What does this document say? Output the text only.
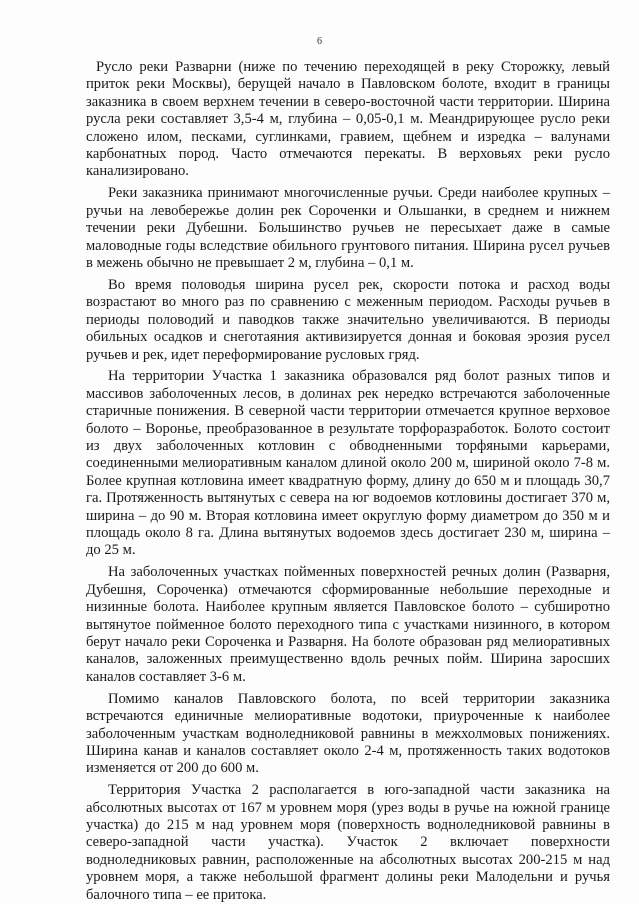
6

Русло реки Разварни (ниже по течению переходящей в реку Сторожку, левый приток реки Москвы), берущей начало в Павловском болоте, входит в границы заказника в своем верхнем течении в северо-восточной части территории. Ширина русла реки составляет 3,5-4 м, глубина – 0,05-0,1 м. Меандрирующее русло реки сложено илом, песками, суглинками, гравием, щебнем и изредка – валунами карбонатных пород. Часто отмечаются перекаты. В верховьях реки русло канализировано.

Реки заказника принимают многочисленные ручьи. Среди наиболее крупных – ручьи на левобережье долин рек Сороченки и Ольшанки, в среднем и нижнем течении реки Дубешни. Большинство ручьев не пересыхает даже в самые маловодные годы вследствие обильного грунтового питания. Ширина русел ручьев в межень обычно не превышает 2 м, глубина – 0,1 м.

Во время половодья ширина русел рек, скорости потока и расход воды возрастают во много раз по сравнению с меженным периодом. Расходы ручьев в периоды половодий и паводков также значительно увеличиваются. В периоды обильных осадков и снеготаяния активизируется донная и боковая эрозия русел ручьев и рек, идет переформирование русловых гряд.

На территории Участка 1 заказника образовался ряд болот разных типов и массивов заболоченных лесов, в долинах рек нередко встречаются заболоченные старичные понижения. В северной части территории отмечается крупное верховое болото – Воронье, преобразованное в результате торфоразработок. Болото состоит из двух заболоченных котловин с обводненными торфяными карьерами, соединенными мелиоративным каналом длиной около 200 м, шириной около 7-8 м. Более крупная котловина имеет квадратную форму, длину до 650 м и площадь 30,7 га. Протяженность вытянутых с севера на юг водоемов котловины достигает 370 м, ширина – до 90 м. Вторая котловина имеет округлую форму диаметром до 350 м и площадь около 8 га. Длина вытянутых водоемов здесь достигает 230 м, ширина – до 25 м.

На заболоченных участках пойменных поверхностей речных долин (Разварня, Дубешня, Сороченка) отмечаются сформированные небольшие переходные и низинные болота. Наиболее крупным является Павловское болото – субширотно вытянутое пойменное болото переходного типа с участками низинного, в котором берут начало реки Сороченка и Разварня. На болоте образован ряд мелиоративных каналов, заложенных преимущественно вдоль речных пойм. Ширина заросших каналов составляет 3-6 м.

Помимо каналов Павловского болота, по всей территории заказника встречаются единичные мелиоративные водотоки, приуроченные к наиболее заболоченным участкам водноледниковой равнины в межхолмовых понижениях. Ширина канав и каналов составляет около 2-4 м, протяженность таких водотоков изменяется от 200 до 600 м.

Территория Участка 2 располагается в юго-западной части заказника на абсолютных высотах от 167 м уровнем моря (урез воды в ручье на южной границе участка) до 215 м над уровнем моря (поверхность водноледниковой равнины в северо-западной части участка). Участок 2 включает поверхности водноледниковых равнин, расположенные на абсолютных высотах 200-215 м над уровнем моря, а также небольшой фрагмент долины реки Малодельни и ручья балочного типа – ее притока.
